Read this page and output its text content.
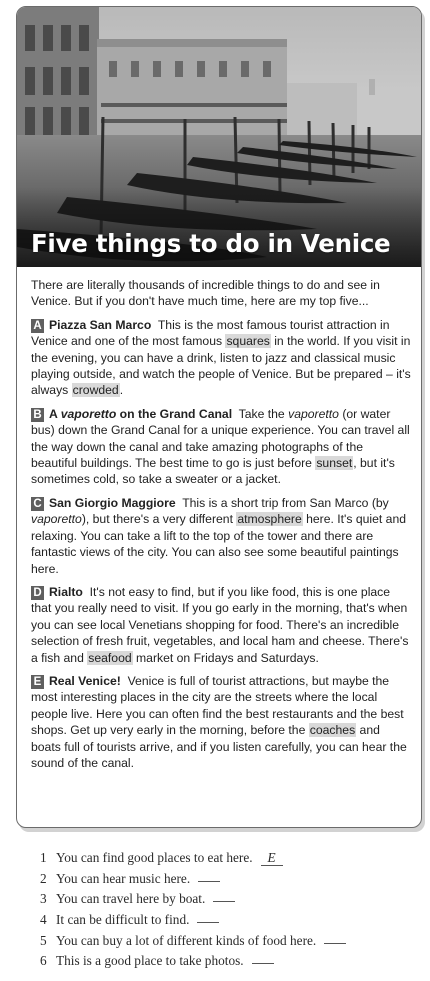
Five things to do in Venice

There are literally thousands of incredible things to do and see in Venice. But if you don't have much time, here are my top five...

A Piazza San Marco This is the most famous tourist attraction in Venice and one of the most famous squares in the world. If you visit in the evening, you can have a drink, listen to jazz and classical music playing outside, and watch the people of Venice. But be prepared – it's always crowded.

B A vaporetto on the Grand Canal Take the vaporetto (or water bus) down the Grand Canal for a unique experience. You can travel all the way down the canal and take amazing photographs of the beautiful buildings. The best time to go is just before sunset, but it's sometimes cold, so take a sweater or a jacket.

C San Giorgio Maggiore This is a short trip from San Marco (by vaporetto), but there's a very different atmosphere here. It's quiet and relaxing. You can take a lift to the top of the tower and there are fantastic views of the city. You can also see some beautiful paintings here.

D Rialto It's not easy to find, but if you like food, this is one place that you really need to visit. If you go early in the morning, that's when you can see local Venetians shopping for food. There's an incredible selection of fresh fruit, vegetables, and local ham and cheese. There's a fish and seafood market on Fridays and Saturdays.

E Real Venice! Venice is full of tourist attractions, but maybe the most interesting places in the city are the streets where the local people live. Here you can often find the best restaurants and the best shops. Get up very early in the morning, before the coaches and boats full of tourists arrive, and if you listen carefully, you can hear the sound of the canal.

1 You can find good places to eat here. E
2 You can hear music here.
3 You can travel here by boat.
4 It can be difficult to find.
5 You can buy a lot of different kinds of food here.
6 This is a good place to take photos.
